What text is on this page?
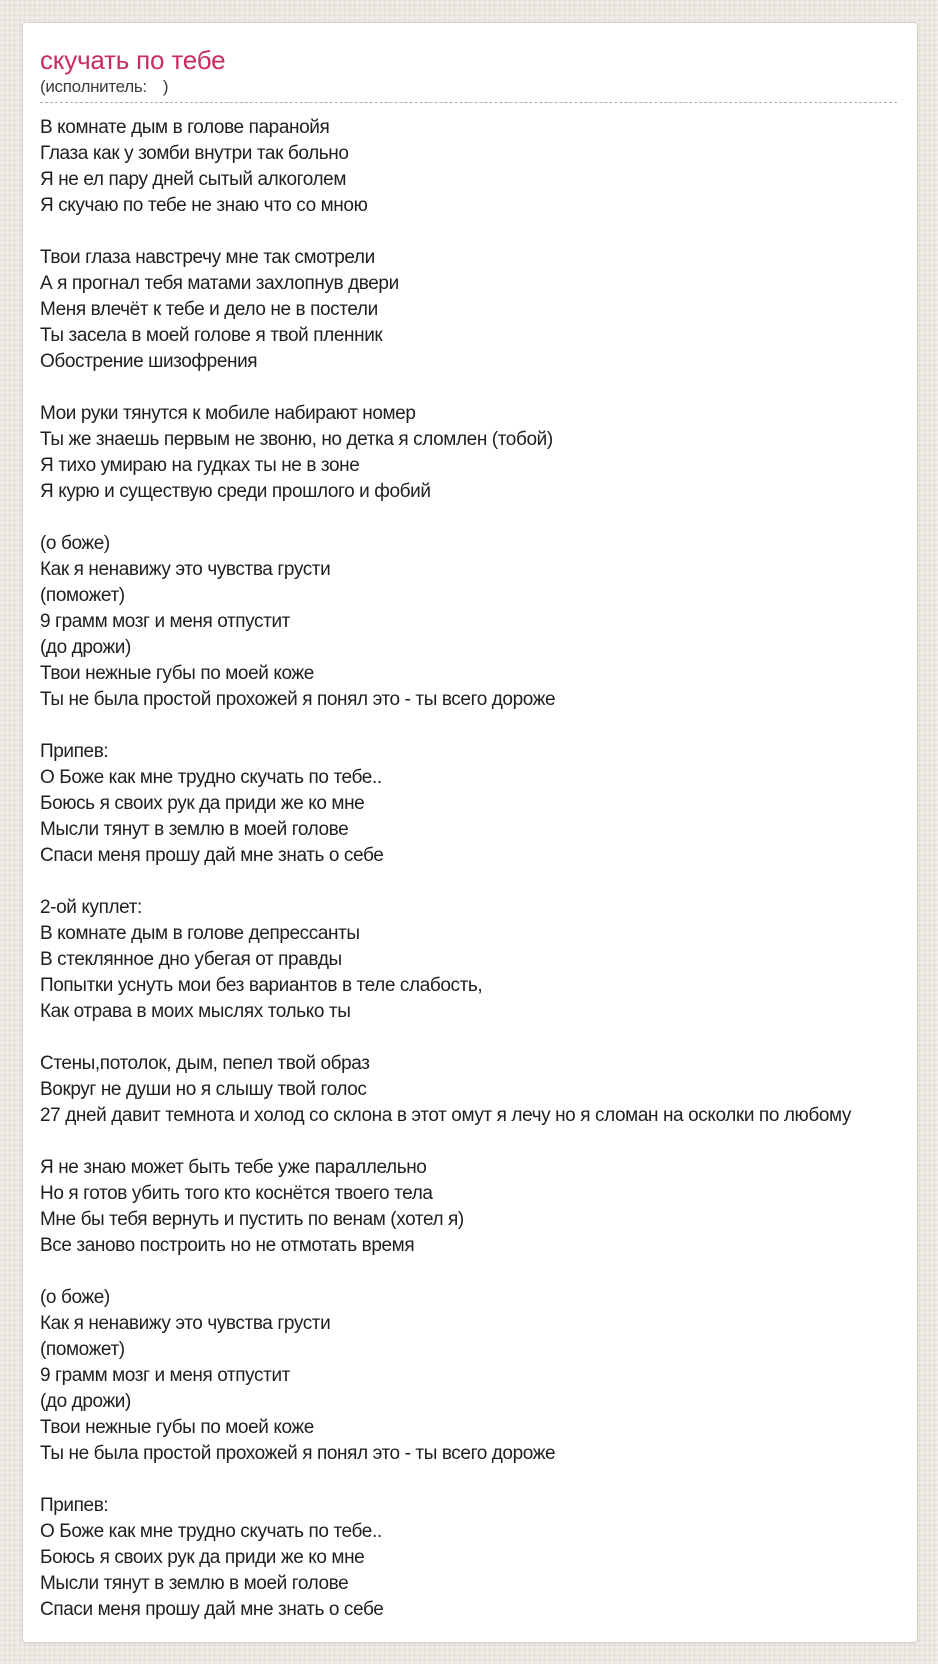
скучать по тебе
(исполнитель: )
В комнате дым в голове паранойя
Глаза как у зомби внутри так больно
Я не ел пару дней сытый алкоголем
Я скучаю по тебе не знаю что со мною

Твои глаза навстречу мне так смотрели
А я прогнал тебя матами захлопнув двери
Меня влечёт к тебе и дело не в постели
Ты засела в моей голове я твой пленник
Обострение шизофрения

Мои руки тянутся к мобиле набирают номер
Ты же знаешь первым не звоню, но детка я сломлен (тобой)
Я тихо умираю на гудках ты не в зоне
Я курю и существую среди прошлого и фобий

(о боже)
Как я ненавижу это чувства грусти
(поможет)
9 грамм мозг и меня отпустит
(до дрожи)
Твои нежные губы по моей коже
Ты не была простой прохожей я понял это - ты всего дороже

Припев:
О Боже как мне трудно скучать по тебе..
Боюсь я своих рук да приди же ко мне
Мысли тянут в землю в моей голове
Спаси меня прошу дай мне знать о себе

2-ой куплет:
В комнате дым в голове депрессанты
В стеклянное дно убегая от правды
Попытки уснуть мои без вариантов в теле слабость,
Как отрава в моих мыслях только ты

Стены,потолок, дым, пепел твой образ
Вокруг не души но я слышу твой голос
27 дней давит темнота и холод со склона в этот омут я лечу но я сломан на осколки по любому

Я не знаю может быть тебе уже параллельно
Но я готов убить того кто коснётся твоего тела
Мне бы тебя вернуть и пустить по венам (хотел я)
Все заново построить но не отмотать время

(о боже)
Как я ненавижу это чувства грусти
(поможет)
9 грамм мозг и меня отпустит
(до дрожи)
Твои нежные губы по моей коже
Ты не была простой прохожей я понял это - ты всего дороже

Припев:
О Боже как мне трудно скучать по тебе..
Боюсь я своих рук да приди же ко мне
Мысли тянут в землю в моей голове
Спаси меня прошу дай мне знать о себе
